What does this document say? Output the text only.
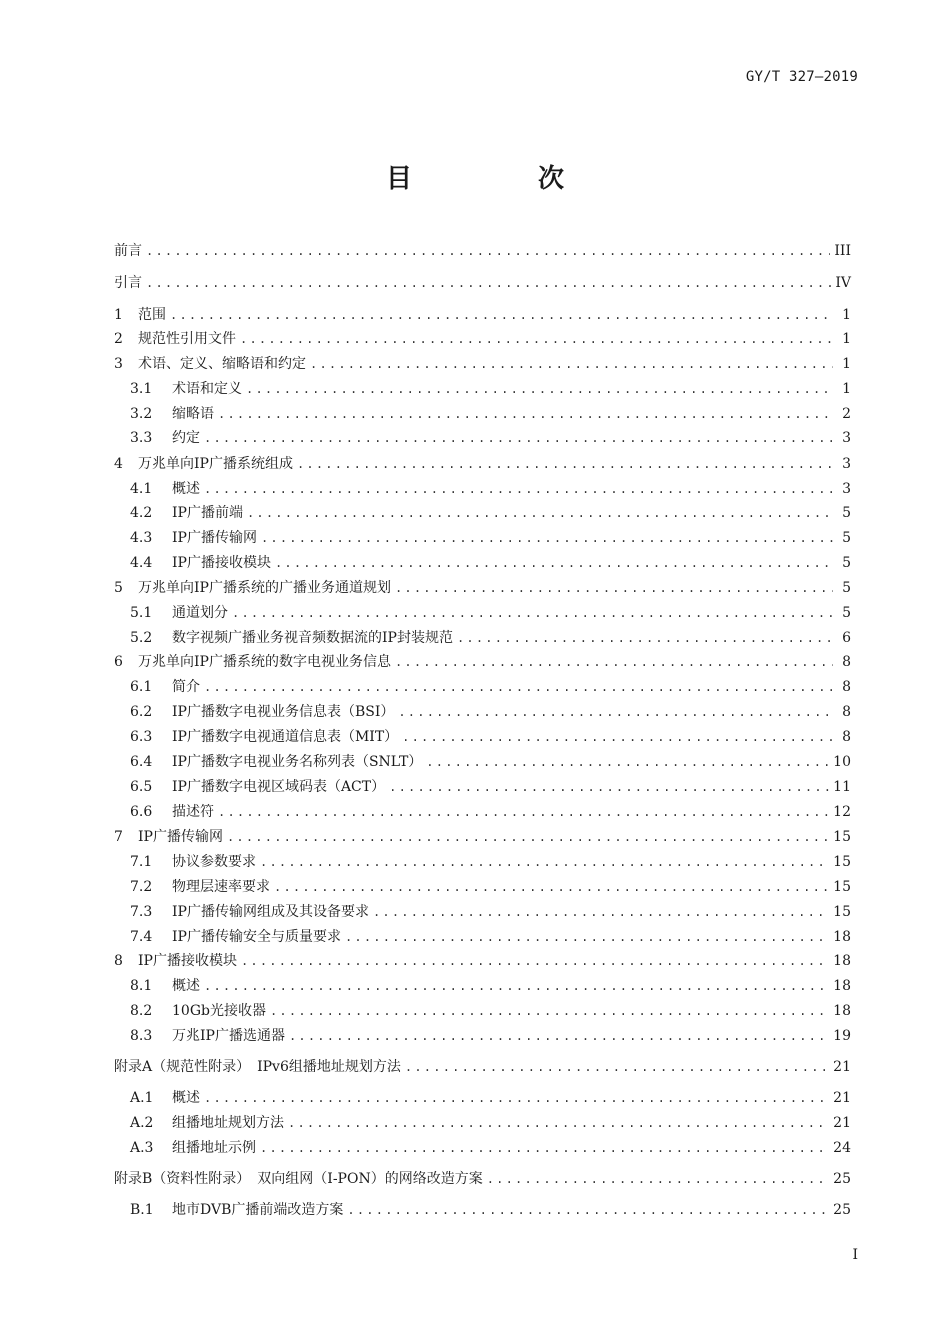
GY/T 327—2019
目　次
前言 . . .	III
引言 . . .	IV
1 范围 . . .	1
2 规范性引用文件 . . .	1
3 术语、定义、缩略语和约定 . . .	1
3.1 术语和定义 . . .	1
3.2 缩略语 . . .	2
3.3 约定 . . .	3
4 万兆单向IP广播系统组成 . . .	3
4.1 概述 . . .	3
4.2 IP广播前端 . . .	5
4.3 IP广播传输网 . . .	5
4.4 IP广播接收模块 . . .	5
5 万兆单向IP广播系统的广播业务通道规划 . . .	5
5.1 通道划分 . . .	5
5.2 数字视频广播业务视音频数据流的IP封装规范 . . .	6
6 万兆单向IP广播系统的数字电视业务信息 . . .	8
6.1 简介 . . .	8
6.2 IP广播数字电视业务信息表（BSI） . . .	8
6.3 IP广播数字电视通道信息表（MIT） . . .	8
6.4 IP广播数字电视业务名称列表（SNLT） . . .	10
6.5 IP广播数字电视区域码表（ACT） . . .	11
6.6 描述符 . . .	12
7 IP广播传输网 . . .	15
7.1 协议参数要求 . . .	15
7.2 物理层速率要求 . . .	15
7.3 IP广播传输网组成及其设备要求 . . .	15
7.4 IP广播传输安全与质量要求 . . .	18
8 IP广播接收模块 . . .	18
8.1 概述 . . .	18
8.2 10Gb光接收器 . . .	18
8.3 万兆IP广播选通器 . . .	19
附录A（规范性附录）　IPv6组播地址规划方法 . . .	21
A.1 概述 . . .	21
A.2 组播地址规划方法 . . .	21
A.3 组播地址示例 . . .	24
附录B（资料性附录）　双向组网（I-PON）的网络改造方案 . . .	25
B.1 地市DVB广播前端改造方案 . . .	25
I
